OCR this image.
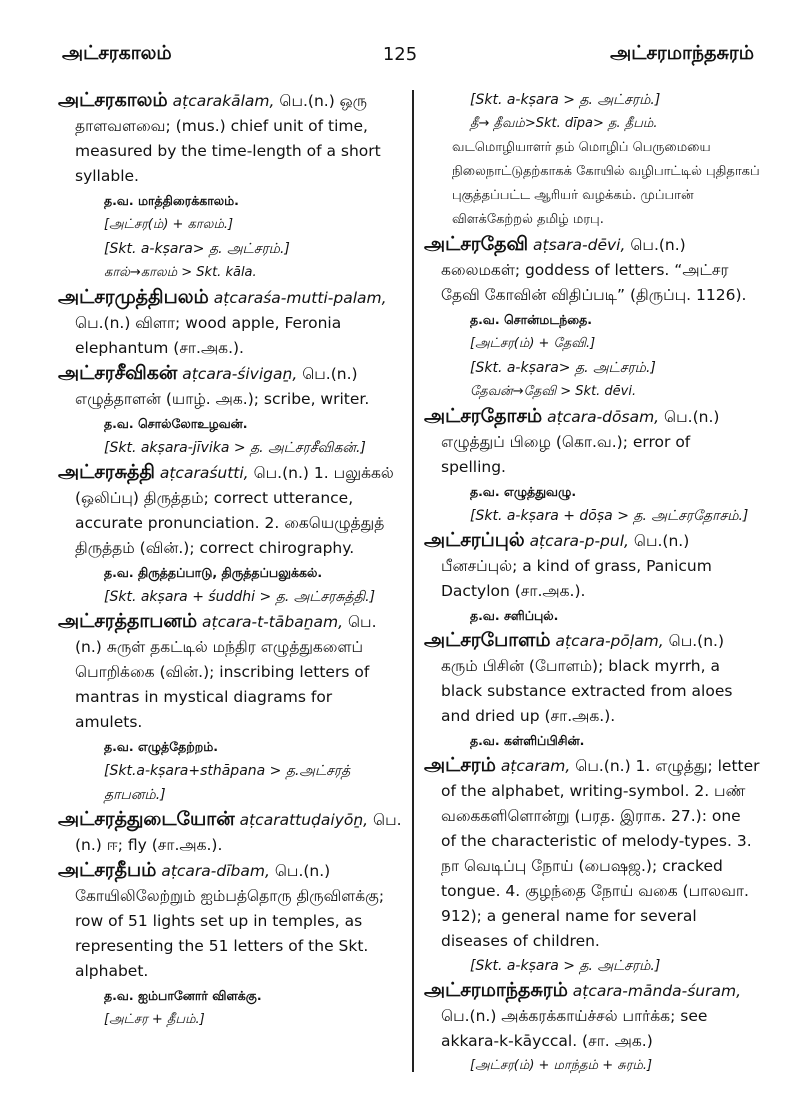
அட்சரகாலம்	125	அட்சரமாந்தசுரம்

அட்சரகாலம் aṭcarakālam, பெ.(n.) ஒரு தாளவளவை; (mus.) chief unit of time, measured by the time-length of a short syllable.

த.வ. மாத்திரைக்காலம்.

[அட்சர(ம்) + காலம்.]

[Skt. a-kṣara> த. அட்சரம்.]

கால்→காலம் > Skt. kāla.

அட்சரமுத்திபலம் aṭcaraśa-mutti-palam, பெ.(n.) விளா; wood apple, Feronia elephantum (சா.அக.).

அட்சரசீவிகன் aṭcara-śivigaṉ, பெ.(n.) எழுத்தாளன் (யாழ். அக.); scribe, writer.

த.வ. சொல்லோஉழவன்.

[Skt. akṣara-jīvika > த. அட்சரசீவிகன்.]

அட்சரசுத்தி aṭcaraśutti, பெ.(n.) 1. பலுக்கல் (ஒலிப்பு) திருத்தம்; correct utterance, accurate pronunciation. 2. கையெழுத்துத் திருத்தம் (வின்.); correct chirography.

த.வ. திருத்தப்பாடு, திருத்தப்பலுக்கல்.

[Skt. akṣara + śuddhi > த. அட்சரசுத்தி.]

அட்சரத்தாபனம் aṭcara-t-tābaṉam, பெ.(n.) சுருள் தகட்டில் மந்திர எழுத்துகளைப் பொறிக்கை (வின்.); inscribing letters of mantras in mystical diagrams for amulets.

த.வ. எழுத்தேற்றம்.

[Skt.a-kṣara+sthāpana > த.அட்சரத் தாபனம்.]

அட்சரத்துடையோன் aṭcarattuḍaiyōṉ, பெ.(n.) ஈ; fly (சா.அக.).

அட்சரதீபம் aṭcara-dībam, பெ.(n.) கோயிலிலேற்றும் ஐம்பத்தொரு திருவிளக்கு; row of 51 lights set up in temples, as representing the 51 letters of the Skt. alphabet.

த.வ. ஐம்பானோர் விளக்கு.

[அட்சர + தீபம்.]

[Skt. a-kṣara > த. அட்சரம்.]

தீ→ தீவம்>Skt. dīpa> த. தீபம்.

வடமொழியாளர் தம் மொழிப் பெருமையை நிலைநாட்டுதற்காகக் கோயில் வழிபாட்டில் புதிதாகப் புகுத்தப்பட்ட ஆரியர் வழக்கம். முப்பான் விளக்கேற்றல் தமிழ் மரபு.

அட்சரதேவி aṭsara-dēvi, பெ.(n.) கலைமகள்; goddess of letters. “அட்சர தேவி கோவின் விதிப்படி” (திருப்பு. 1126).

த.வ. சொன்மடந்தை.

[அட்சர(ம்) + தேவி.]

[Skt. a-kṣara> த. அட்சரம்.]

தேவன்→தேவி > Skt. dēvi.

அட்சரதோசம் aṭcara-dōsam, பெ.(n.) எழுத்துப் பிழை (கொ.வ.); error of spelling.

த.வ. எழுத்துவழு.

[Skt. a-kṣara + dōṣa > த. அட்சரதோசம்.]

அட்சரப்புல் aṭcara-p-pul, பெ.(n.) பீனசப்புல்; a kind of grass, Panicum Dactylon (சா.அக.).

த.வ. சளிப்புல்.

அட்சரபோளம் aṭcara-pōḷam, பெ.(n.) கரும் பிசின் (போளம்); black myrrh, a black substance extracted from aloes and dried up (சா.அக.).

த.வ. கள்ளிப்பிசின்.

அட்சரம் aṭcaram, பெ.(n.) 1. எழுத்து; letter of the alphabet, writing-symbol. 2. பண் வகைகளிளொன்று (பரத. இராக. 27.): one of the characteristic of melody-types. 3. நா வெடிப்பு நோய் (பைஷஜ.); cracked tongue. 4. குழந்தை நோய் வகை (பாலவா. 912); a general name for several diseases of children.

[Skt. a-kṣara > த. அட்சரம்.]

அட்சரமாந்தசுரம் aṭcara-mānda-śuram, பெ.(n.) அக்கரக்காய்ச்சல் பார்க்க; see akkara-k-kāyccal. (சா. அக.)

[அட்சர(ம்) + மாந்தம் + சுரம்.]
